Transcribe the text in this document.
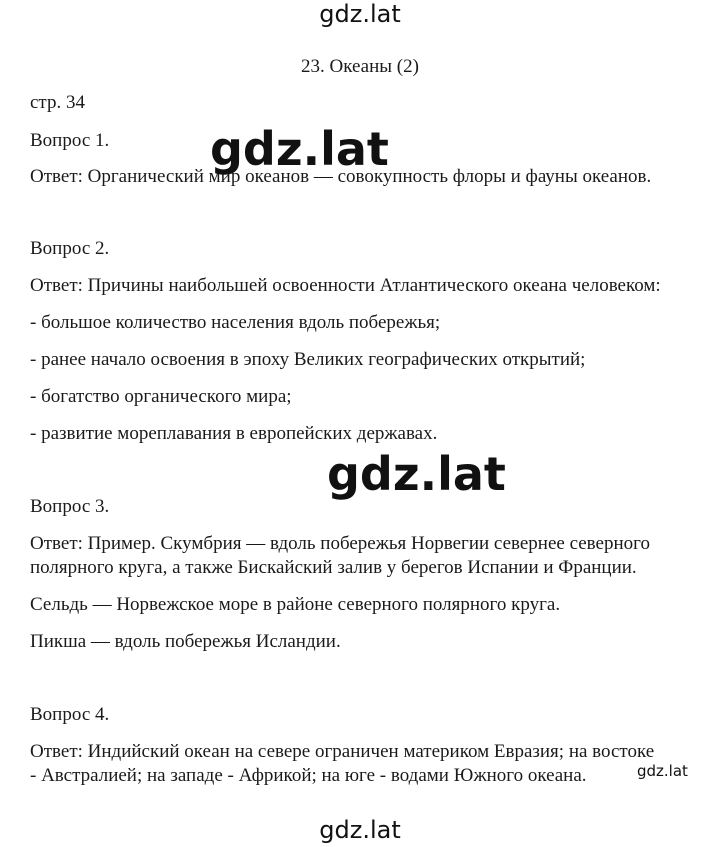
gdz.lat
23. Океаны (2)
стр. 34
Вопрос 1.
Ответ: Органический мир океанов — совокупность флоры и фауны океанов.
Вопрос 2.
Ответ: Причины наибольшей освоенности Атлантического океана человеком:
- большое количество населения вдоль побережья;
- ранее начало освоения в эпоху Великих географических открытий;
- богатство органического мира;
- развитие мореплавания в европейских державах.
Вопрос 3.
Ответ: Пример. Скумбрия — вдоль побережья Норвегии севернее северного
полярного круга, а также Бискайский залив у берегов Испании и Франции.
Сельдь — Норвежское море в районе северного полярного круга.
Пикша — вдоль побережья Исландии.
Вопрос 4.
Ответ: Индийский океан на севере ограничен материком Евразия; на востоке
- Австралией; на западе - Африкой; на юге - водами Южного океана.
gdz.lat
gdz.lat
gdz.lat
gdz.lat
